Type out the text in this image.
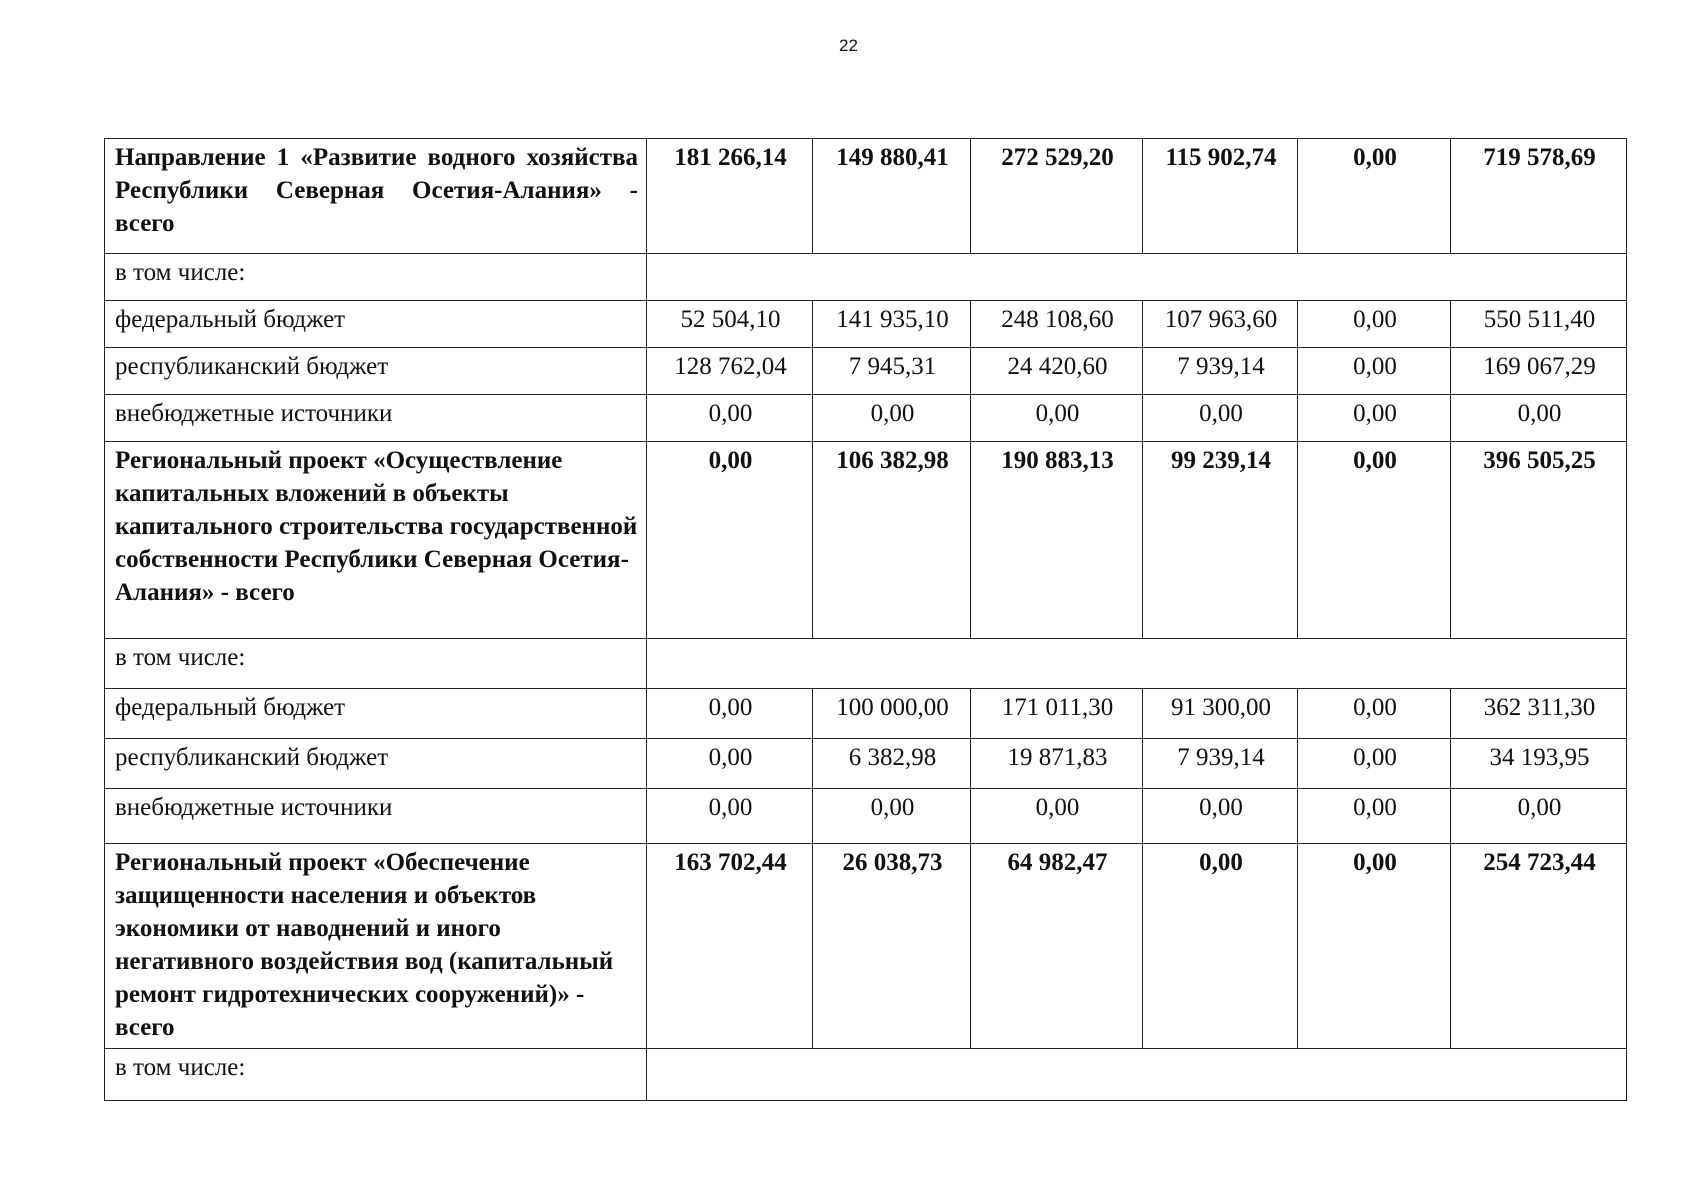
22
Направление 1 «Развитие водного хозяйства Республики Северная Осетия-Алания» - всего	181 266,14	149 880,41	272 529,20	115 902,74	0,00	719 578,69
в том числе:						
федеральный бюджет	52 504,10	141 935,10	248 108,60	107 963,60	0,00	550 511,40
республиканский бюджет	128 762,04	7 945,31	24 420,60	7 939,14	0,00	169 067,29
внебюджетные источники	0,00	0,00	0,00	0,00	0,00	0,00
Региональный проект «Осуществление капитальных вложений в объекты капитального строительства государственной собственности Республики Северная Осетия-Алания» - всего	0,00	106 382,98	190 883,13	99 239,14	0,00	396 505,25
в том числе:						
федеральный бюджет	0,00	100 000,00	171 011,30	91 300,00	0,00	362 311,30
республиканский бюджет	0,00	6 382,98	19 871,83	7 939,14	0,00	34 193,95
внебюджетные источники	0,00	0,00	0,00	0,00	0,00	0,00
Региональный проект «Обеспечение защищенности населения и объектов экономики от наводнений и иного негативного воздействия вод (капитальный ремонт гидротехнических сооружений)» - всего	163 702,44	26 038,73	64 982,47	0,00	0,00	254 723,44
в том числе:						
